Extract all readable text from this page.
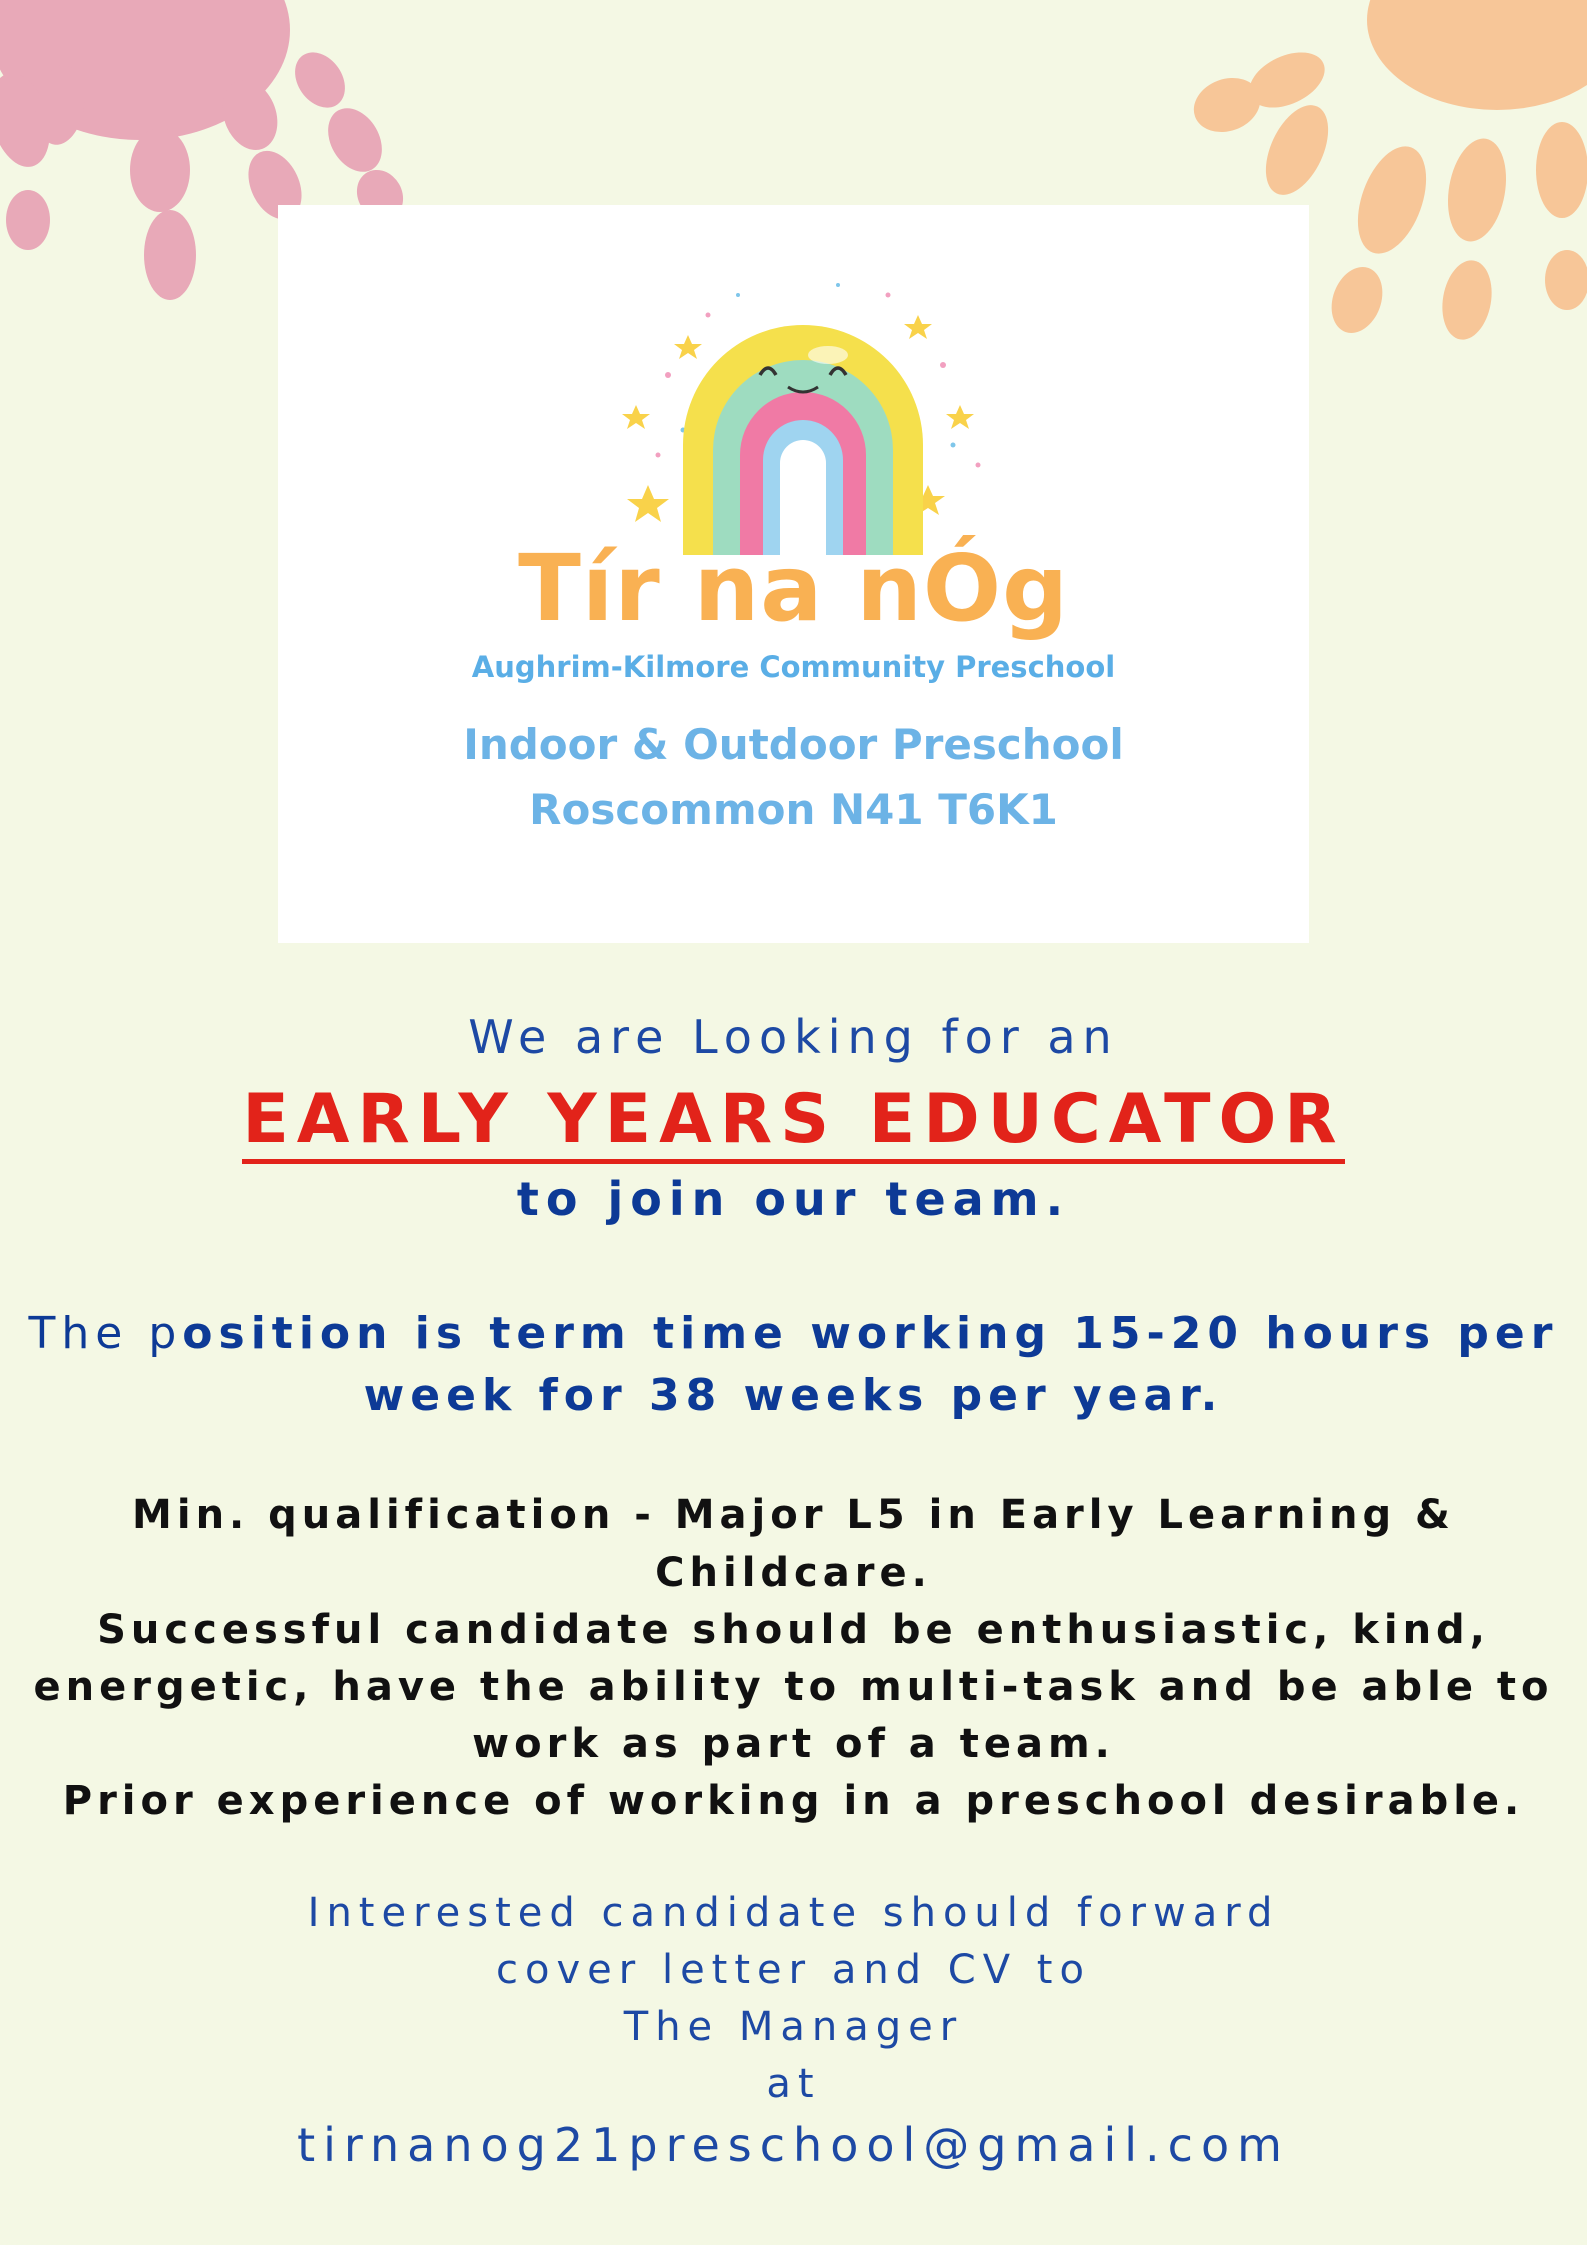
Tír na nÓg
Aughrim-Kilmore Community Preschool
Indoor & Outdoor Preschool
Roscommon N41 T6K1
We are Looking for an
EARLY YEARS EDUCATOR
to join our team.
The position is term time working 15-20 hours per
week for 38 weeks per year.
Min. qualification - Major L5 in Early Learning &
Childcare.
Successful candidate should be enthusiastic, kind,
energetic, have the ability to multi-task and be able to
work as part of a team.
Prior experience of working in a preschool desirable.
Interested candidate should forward
cover letter and CV to
The Manager
at
tirnanog21preschool@gmail.com
